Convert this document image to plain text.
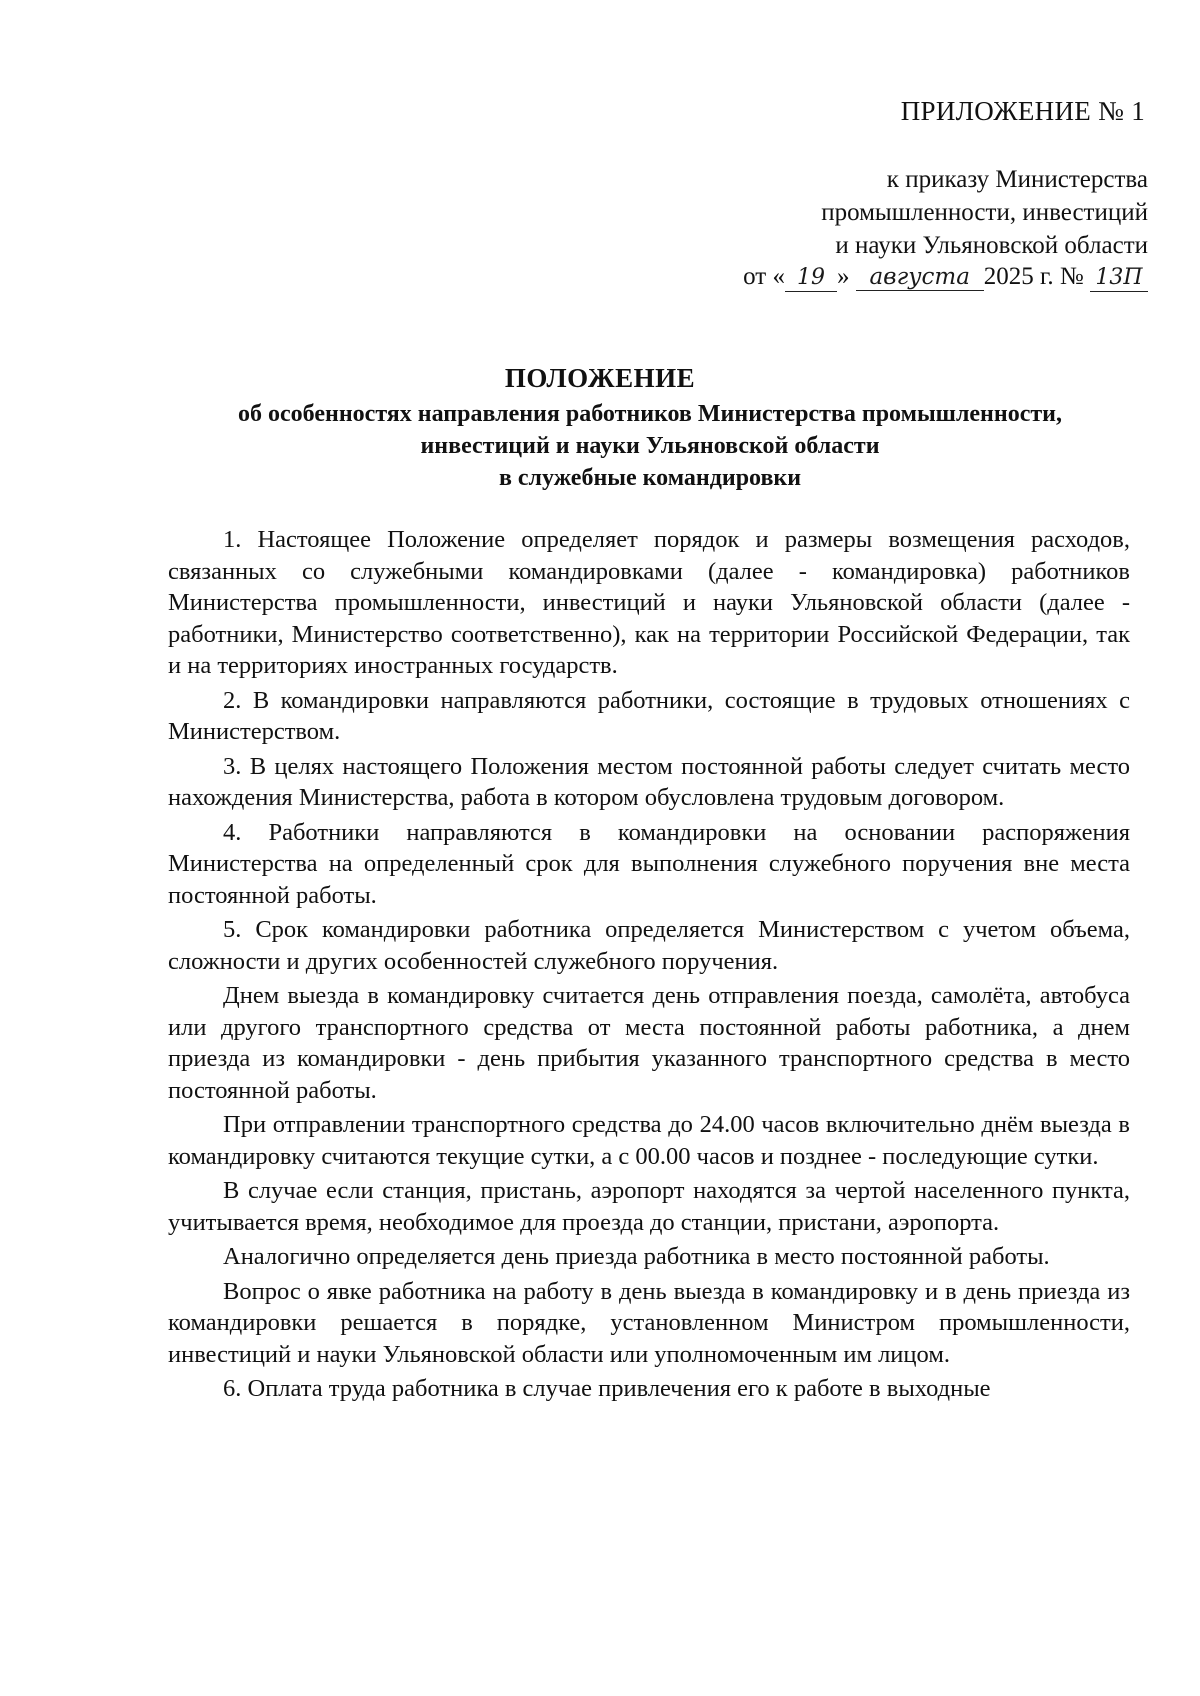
ПРИЛОЖЕНИЕ № 1
к приказу Министерства
промышленности, инвестиций
и науки Ульяновской области
от « 19 » августа 2025 г. № 13П
ПОЛОЖЕНИЕ
об особенностях направления работников Министерства промышленности,
инвестиций и науки Ульяновской области
в служебные командировки

1. Настоящее Положение определяет порядок и размеры возмещения расходов, связанных со служебными командировками (далее - командировка) работников Министерства промышленности, инвестиций и науки Ульяновской области (далее - работники, Министерство соответственно), как на территории Российской Федерации, так и на территориях иностранных государств.

2. В командировки направляются работники, состоящие в трудовых отношениях с Министерством.

3. В целях настоящего Положения местом постоянной работы следует считать место нахождения Министерства, работа в котором обусловлена трудовым договором.

4. Работники направляются в командировки на основании распоряжения Министерства на определенный срок для выполнения служебного поручения вне места постоянной работы.

5. Срок командировки работника определяется Министерством с учетом объема, сложности и других особенностей служебного поручения.

Днем выезда в командировку считается день отправления поезда, самолёта, автобуса или другого транспортного средства от места постоянной работы работника, а днем приезда из командировки - день прибытия указанного транспортного средства в место постоянной работы.

При отправлении транспортного средства до 24.00 часов включительно днём выезда в командировку считаются текущие сутки, а с 00.00 часов и позднее - последующие сутки.

В случае если станция, пристань, аэропорт находятся за чертой населенного пункта, учитывается время, необходимое для проезда до станции, пристани, аэропорта.

Аналогично определяется день приезда работника в место постоянной работы.

Вопрос о явке работника на работу в день выезда в командировку и в день приезда из командировки решается в порядке, установленном Министром промышленности, инвестиций и науки Ульяновской области или уполномоченным им лицом.

6. Оплата труда работника в случае привлечения его к работе в выходные
